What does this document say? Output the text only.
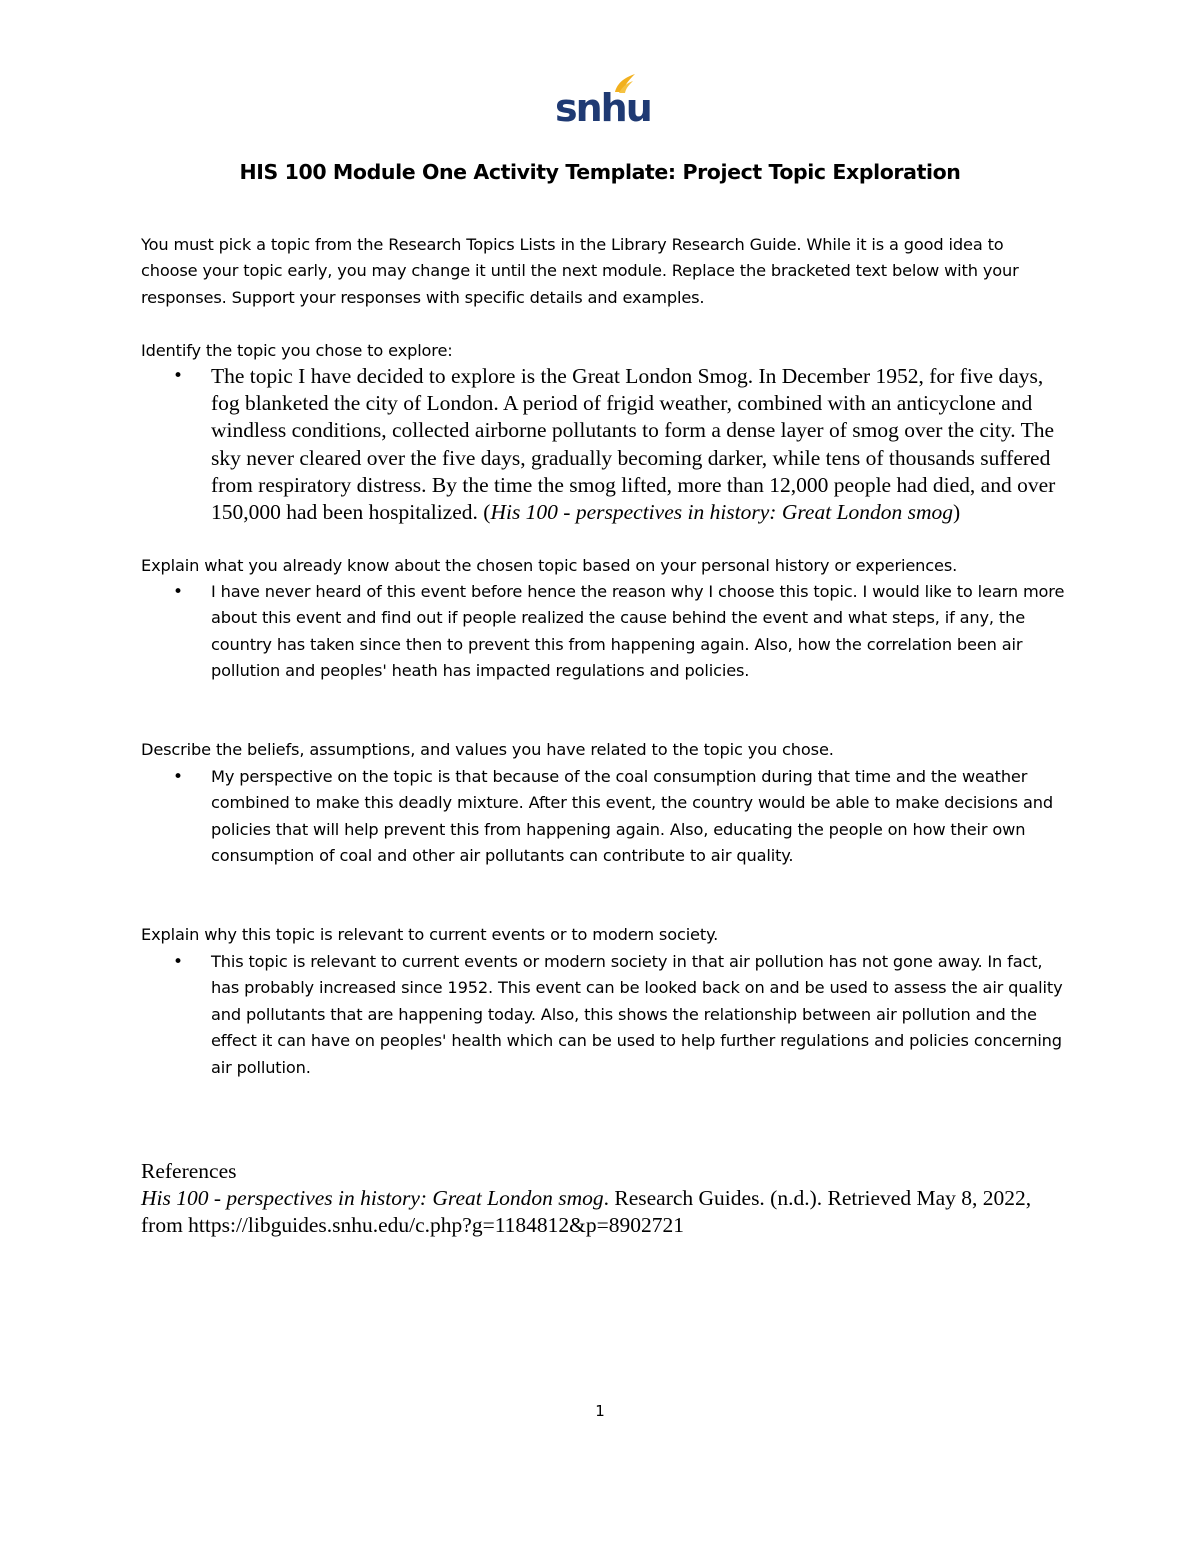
snhu
HIS 100 Module One Activity Template: Project Topic Exploration
You must pick a topic from the Research Topics Lists in the Library Research Guide. While it is a good idea to choose your topic early, you may change it until the next module. Replace the bracketed text below with your responses. Support your responses with specific details and examples.
Identify the topic you chose to explore:
• The topic I have decided to explore is the Great London Smog. In December 1952, for five days, fog blanketed the city of London. A period of frigid weather, combined with an anticyclone and windless conditions, collected airborne pollutants to form a dense layer of smog over the city. The sky never cleared over the five days, gradually becoming darker, while tens of thousands suffered from respiratory distress. By the time the smog lifted, more than 12,000 people had died, and over 150,000 had been hospitalized. (His 100 - perspectives in history: Great London smog)
Explain what you already know about the chosen topic based on your personal history or experiences.
• I have never heard of this event before hence the reason why I choose this topic. I would like to learn more about this event and find out if people realized the cause behind the event and what steps, if any, the country has taken since then to prevent this from happening again. Also, how the correlation been air pollution and peoples' heath has impacted regulations and policies.
Describe the beliefs, assumptions, and values you have related to the topic you chose.
• My perspective on the topic is that because of the coal consumption during that time and the weather combined to make this deadly mixture. After this event, the country would be able to make decisions and policies that will help prevent this from happening again. Also, educating the people on how their own consumption of coal and other air pollutants can contribute to air quality.
Explain why this topic is relevant to current events or to modern society.
• This topic is relevant to current events or modern society in that air pollution has not gone away. In fact, has probably increased since 1952. This event can be looked back on and be used to assess the air quality and pollutants that are happening today. Also, this shows the relationship between air pollution and the effect it can have on peoples' health which can be used to help further regulations and policies concerning air pollution.
References
His 100 - perspectives in history: Great London smog. Research Guides. (n.d.). Retrieved May 8, 2022, from https://libguides.snhu.edu/c.php?g=1184812&p=8902721
1
